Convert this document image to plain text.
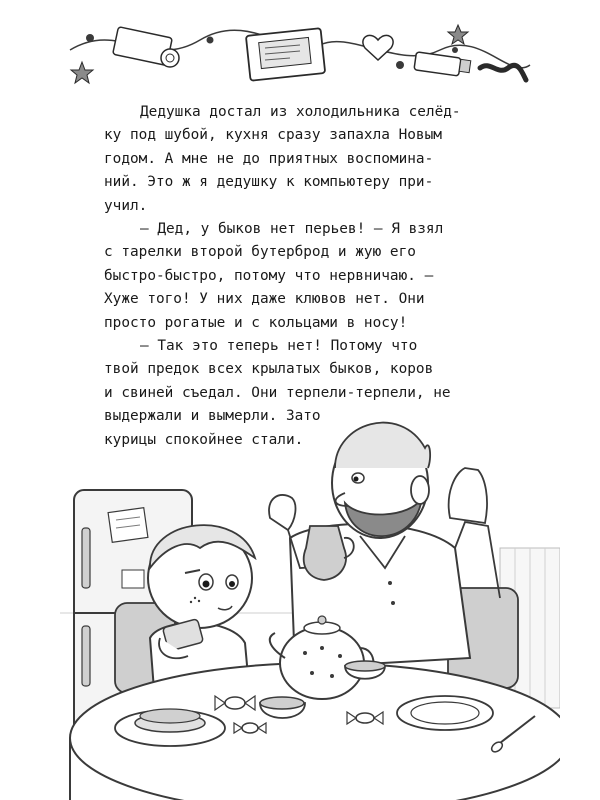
Дедушка достал из холодильника селёд-
ку под шубой, кухня сразу запахла Новым
годом. А мне не до приятных воспомина-
ний. Это ж я дедушку к компьютеру при-
учил.

— Дед, у быков нет перьев! — Я взял
с тарелки второй бутерброд и жую его
быстро-быстро, потому что нервничаю. —
Хуже того! У них даже клювов нет. Они
просто рогатые и с кольцами в носу!

— Так это теперь нет! Потому что
твой предок всех крылатых быков, коров
и свиней съедал. Они терпели-терпели, не
выдержали и вымерли. Зато
курицы спокойнее стали.
